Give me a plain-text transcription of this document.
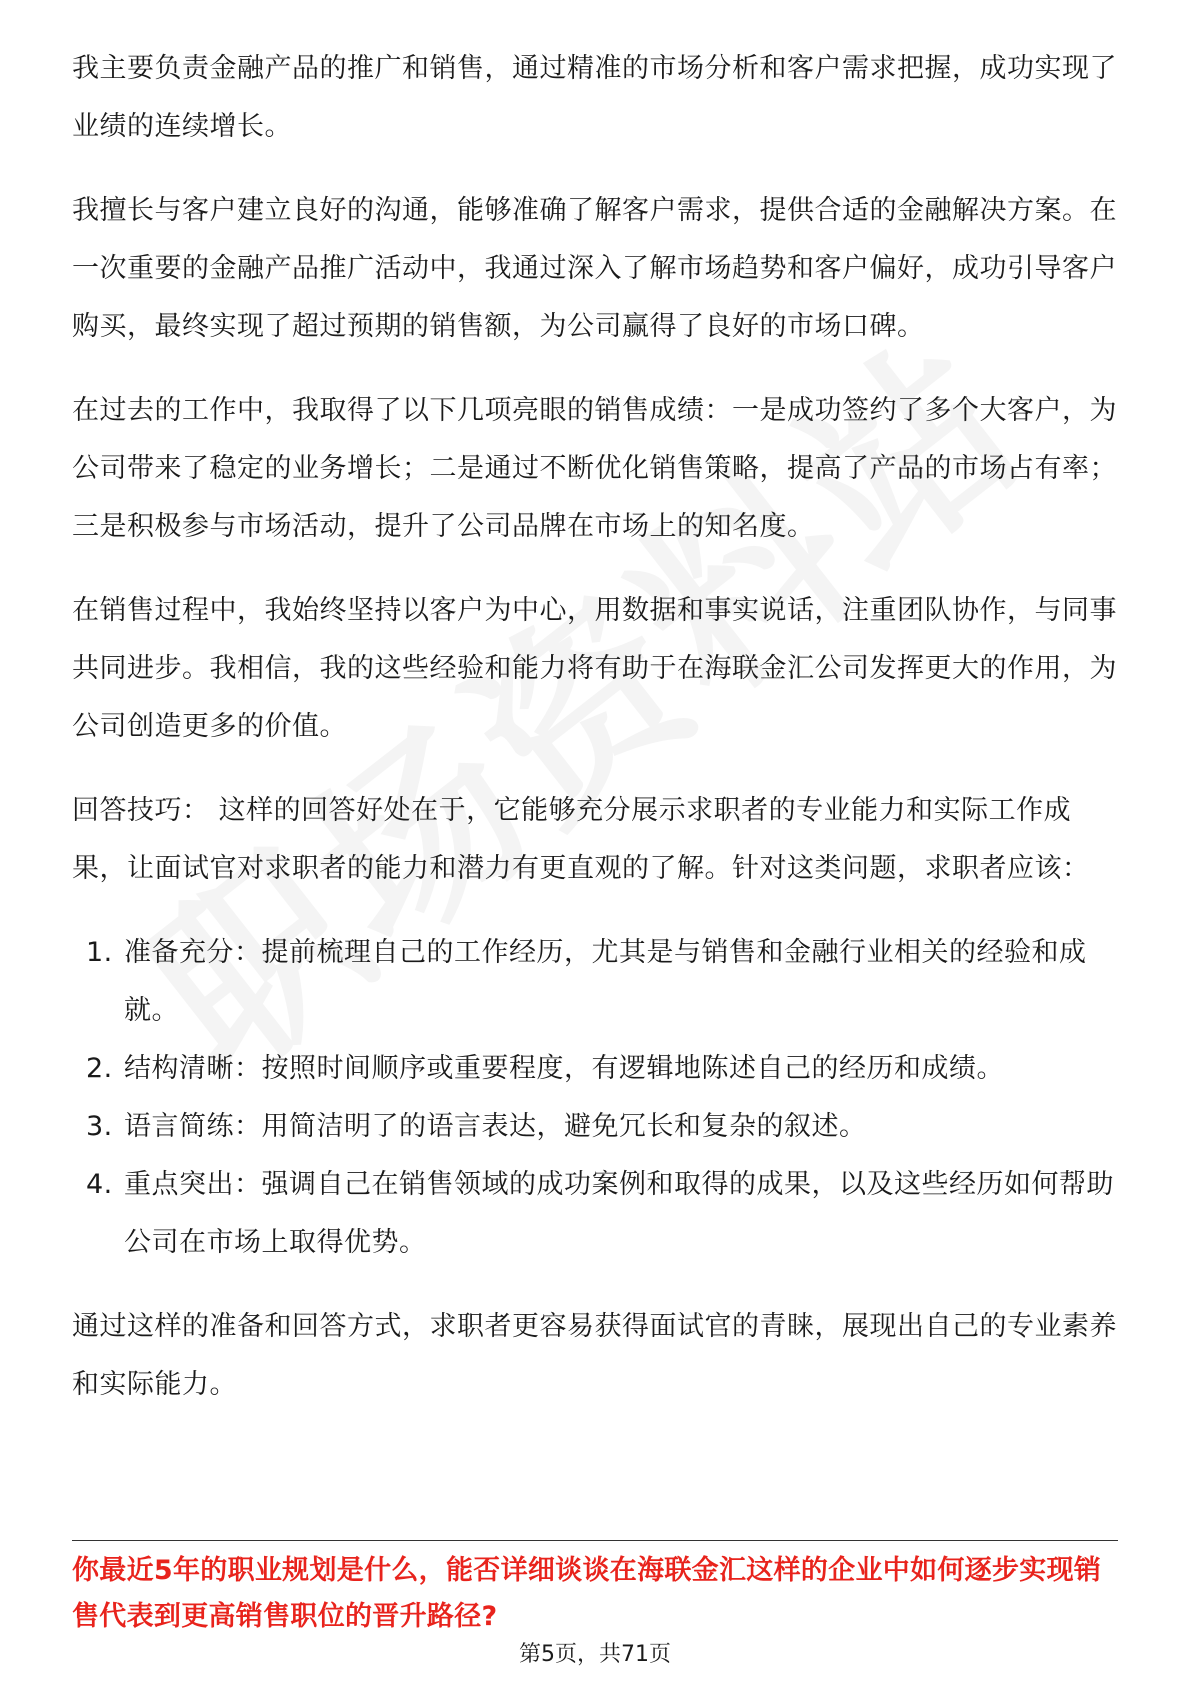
我主要负责金融产品的推广和销售，通过精准的市场分析和客户需求把握，成功实现了业绩的连续增长。

我擅长与客户建立良好的沟通，能够准确了解客户需求，提供合适的金融解决方案。在一次重要的金融产品推广活动中，我通过深入了解市场趋势和客户偏好，成功引导客户购买，最终实现了超过预期的销售额，为公司赢得了良好的市场口碑。

在过去的工作中，我取得了以下几项亮眼的销售成绩：一是成功签约了多个大客户，为公司带来了稳定的业务增长；二是通过不断优化销售策略，提高了产品的市场占有率；三是积极参与市场活动，提升了公司品牌在市场上的知名度。

在销售过程中，我始终坚持以客户为中心，用数据和事实说话，注重团队协作，与同事共同进步。我相信，我的这些经验和能力将有助于在海联金汇公司发挥更大的作用，为公司创造更多的价值。

回答技巧： 这样的回答好处在于，它能够充分展示求职者的专业能力和实际工作成果，让面试官对求职者的能力和潜力有更直观的了解。针对这类问题，求职者应该：

1. 准备充分：提前梳理自己的工作经历，尤其是与销售和金融行业相关的经验和成就。
2. 结构清晰：按照时间顺序或重要程度，有逻辑地陈述自己的经历和成绩。
3. 语言简练：用简洁明了的语言表达，避免冗长和复杂的叙述。
4. 重点突出：强调自己在销售领域的成功案例和取得的成果，以及这些经历如何帮助公司在市场上取得优势。

通过这样的准备和回答方式，求职者更容易获得面试官的青睐，展现出自己的专业素养和实际能力。

你最近5年的职业规划是什么，能否详细谈谈在海联金汇这样的企业中如何逐步实现销售代表到更高销售职位的晋升路径?
第5页，共71页
